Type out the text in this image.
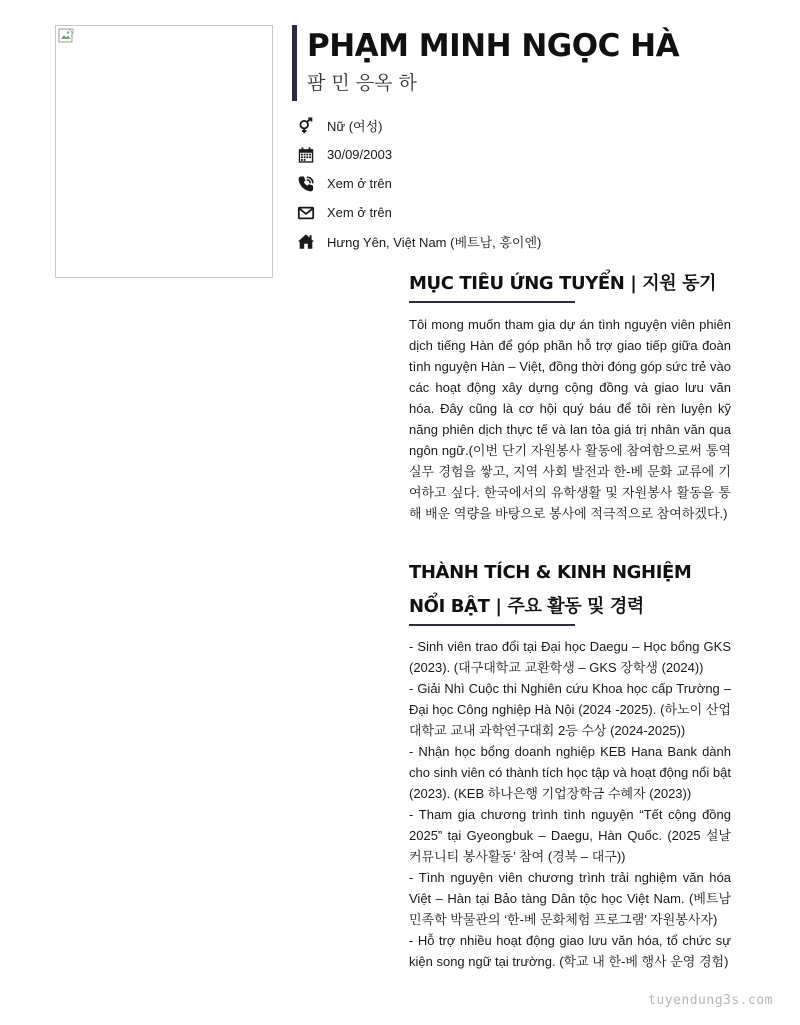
PHẠM MINH NGỌC HÀ
팜 민 응옥 하
Nữ (여성)
30/09/2003
Xem ở trên
Xem ở trên
Hưng Yên, Việt Nam (베트남, 흥이엔)
MỤC TIÊU ỨNG TUYỂN | 지원 동기
Tôi mong muốn tham gia dự án tình nguyện viên phiên dịch tiếng Hàn để góp phần hỗ trợ giao tiếp giữa đoàn tình nguyện Hàn – Việt, đồng thời đóng góp sức trẻ vào các hoạt động xây dựng cộng đồng và giao lưu văn hóa. Đây cũng là cơ hội quý báu để tôi rèn luyện kỹ năng phiên dịch thực tế và lan tỏa giá trị nhân văn qua ngôn ngữ.(이번 단기 자원봉사 활동에 참여함으로써 통역 실무 경험을 쌓고, 지역 사회 발전과 한-베 문화 교류에 기여하고 싶다. 한국에서의 유학생활 및 자원봉사 활동을 통해 배운 역량을 바탕으로 봉사에 적극적으로 참여하겠다.)
THÀNH TÍCH & KINH NGHIỆM NỔI BẬT | 주요 활동 및 경력

- Sinh viên trao đổi tại Đại học Daegu – Học bổng GKS (2023). (대구대학교 교환학생 – GKS 장학생 (2024))

- Giải Nhì Cuộc thi Nghiên cứu Khoa học cấp Trường – Đại học Công nghiệp Hà Nội (2024 -2025). (하노이 산업대학교 교내 과학연구대회 2등 수상 (2024-2025))

- Nhận học bổng doanh nghiệp KEB Hana Bank dành cho sinh viên có thành tích học tập và hoạt động nổi bật (2023). (KEB 하나은행 기업장학금 수혜자 (2023))

- Tham gia chương trình tình nguyện “Tết cộng đồng 2025” tại Gyeongbuk – Daegu, Hàn Quốc. (2025 설날 커뮤니티 봉사활동’ 참여 (경북 – 대구))

- Tình nguyện viên chương trình trải nghiệm văn hóa Việt – Hàn tại Bảo tàng Dân tộc học Việt Nam. (베트남 민족학 박물관의 ‘한-베 문화체험 프로그램’ 자원봉사자)

- Hỗ trợ nhiều hoạt động giao lưu văn hóa, tổ chức sự kiện song ngữ tại trường. (학교 내 한-베 행사 운영 경험)

tuyendung3s.com
